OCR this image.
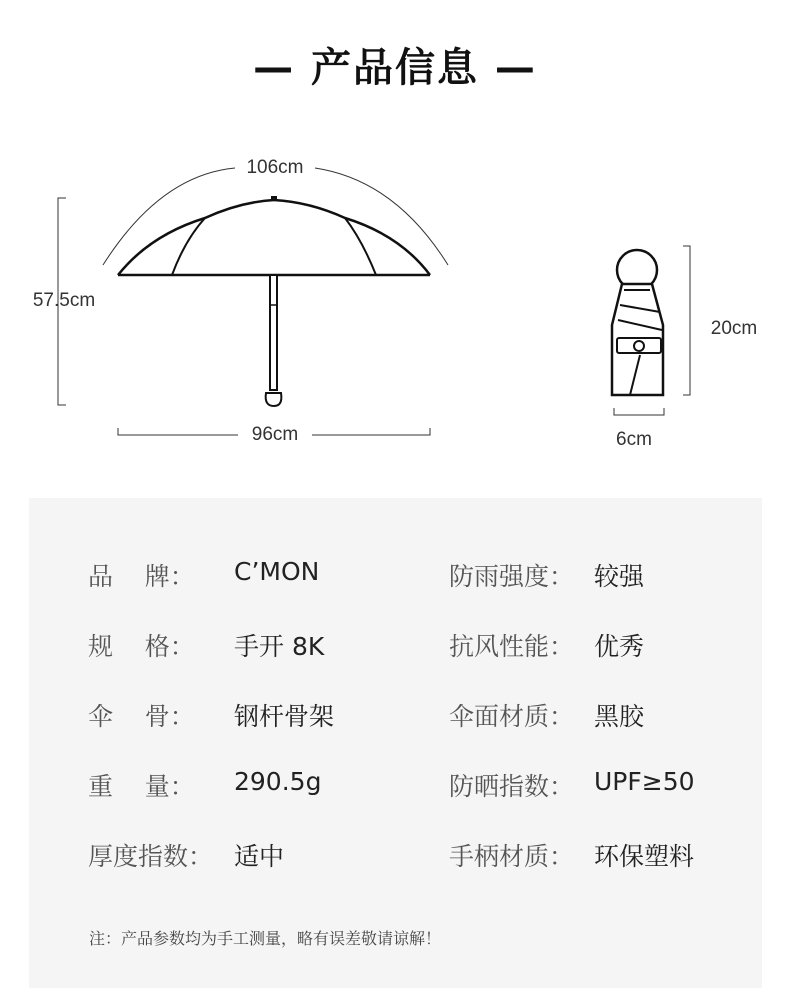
— 产品信息 —
106cm
57.5cm
96cm
20cm
6cm
品    牌： C’MON	防雨强度： 较强
规    格： 手开 8K	抗风性能： 优秀
伞    骨： 钢杆骨架	伞面材质： 黑胶
重    量： 290.5g	防晒指数： UPF≥50
厚度指数： 适中	手柄材质： 环保塑料
注：产品参数均为手工测量，略有误差敬请谅解！
